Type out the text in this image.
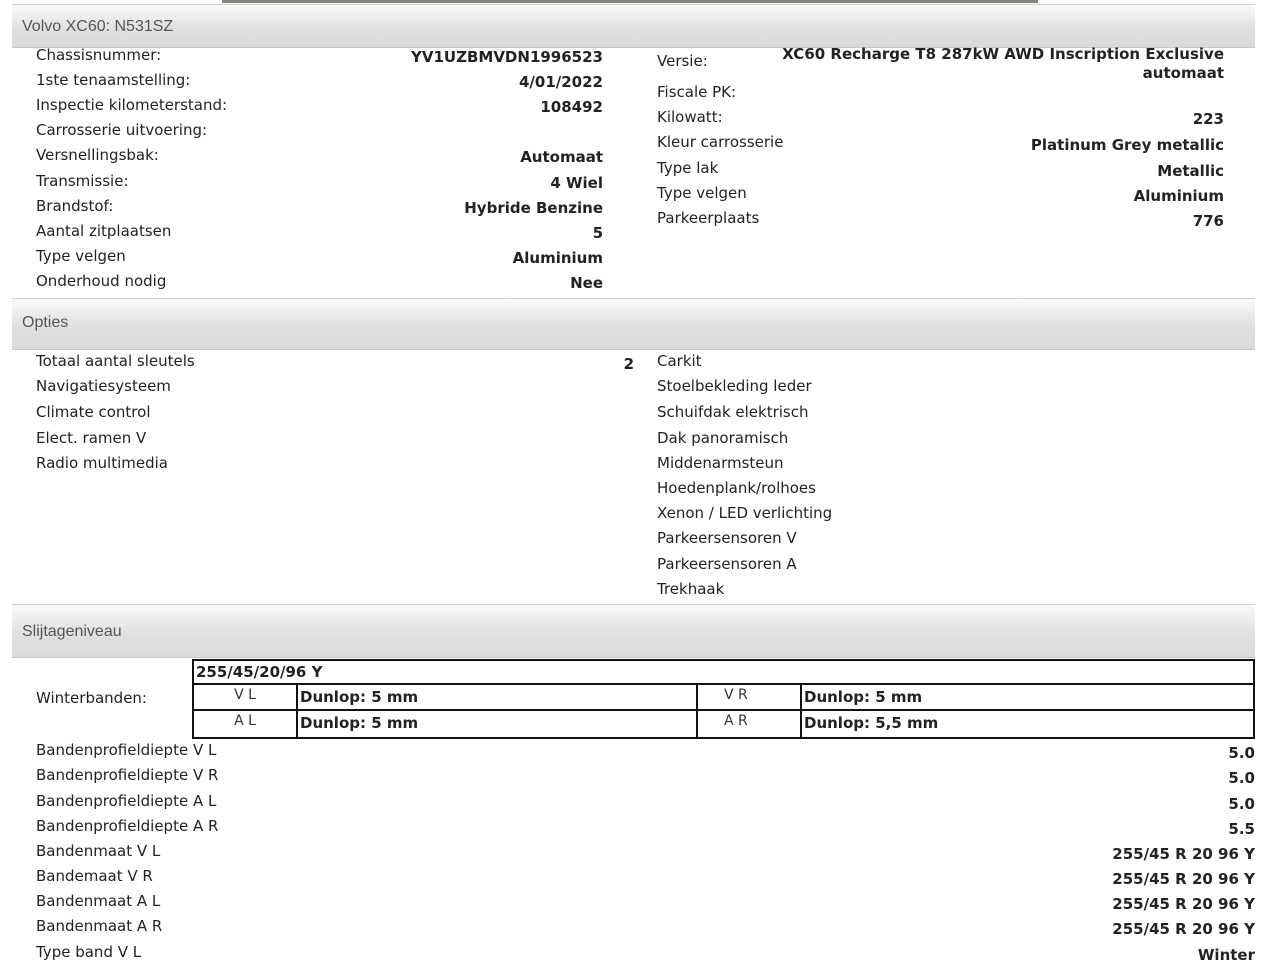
Volvo XC60: N531SZ
Chassisnummer:	YV1UZBMVDN1996523
1ste tenaamstelling:	4/01/2022
Inspectie kilometerstand:	108492
Carrosserie uitvoering:
Versnellingsbak:	Automaat
Transmissie:	4 Wiel
Brandstof:	Hybride Benzine
Aantal zitplaatsen	5
Type velgen	Aluminium
Onderhoud nodig	Nee
Versie:	XC60 Recharge T8 287kW AWD Inscription Exclusive
automaat
Fiscale PK:
Kilowatt:	223
Kleur carrosserie	Platinum Grey metallic
Type lak	Metallic
Type velgen	Aluminium
Parkeerplaats	776
Opties
Totaal aantal sleutels	2
Navigatiesysteem
Climate control
Elect. ramen V
Radio multimedia
Carkit
Stoelbekleding leder
Schuifdak elektrisch
Dak panoramisch
Middenarmsteun
Hoedenplank/rolhoes
Xenon / LED verlichting
Parkeersensoren V
Parkeersensoren A
Trekhaak
Slijtageniveau
Winterbanden:
255/45/20/96 Y
V L	Dunlop: 5 mm	V R	Dunlop: 5 mm
A L	Dunlop: 5 mm	A R	Dunlop: 5,5 mm
Bandenprofieldiepte V L	5.0
Bandenprofieldiepte V R	5.0
Bandenprofieldiepte A L	5.0
Bandenprofieldiepte A R	5.5
Bandenmaat V L	255/45 R 20 96 Y
Bandemaat V R	255/45 R 20 96 Y
Bandenmaat A L	255/45 R 20 96 Y
Bandenmaat A R	255/45 R 20 96 Y
Type band V L	Winter
